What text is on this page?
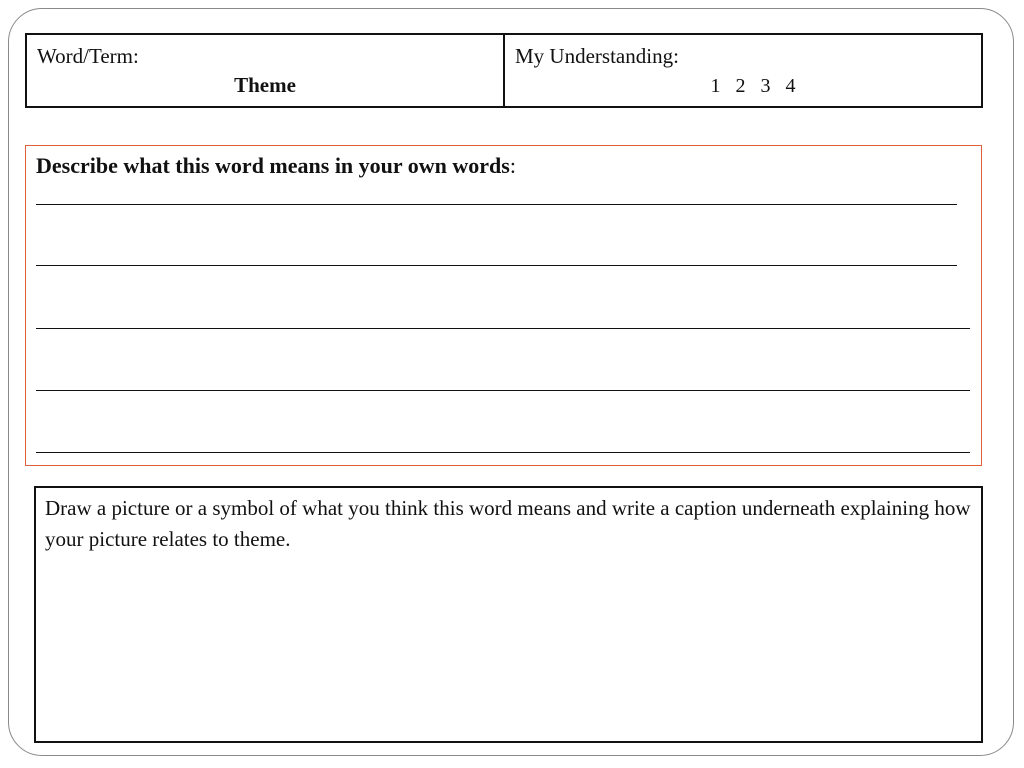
Word/Term:
Theme
My Understanding:
1 2 3 4
Describe what this word means in your own words:
Draw a picture or a symbol of what you think this word means and write a caption underneath explaining how your picture relates to theme.
